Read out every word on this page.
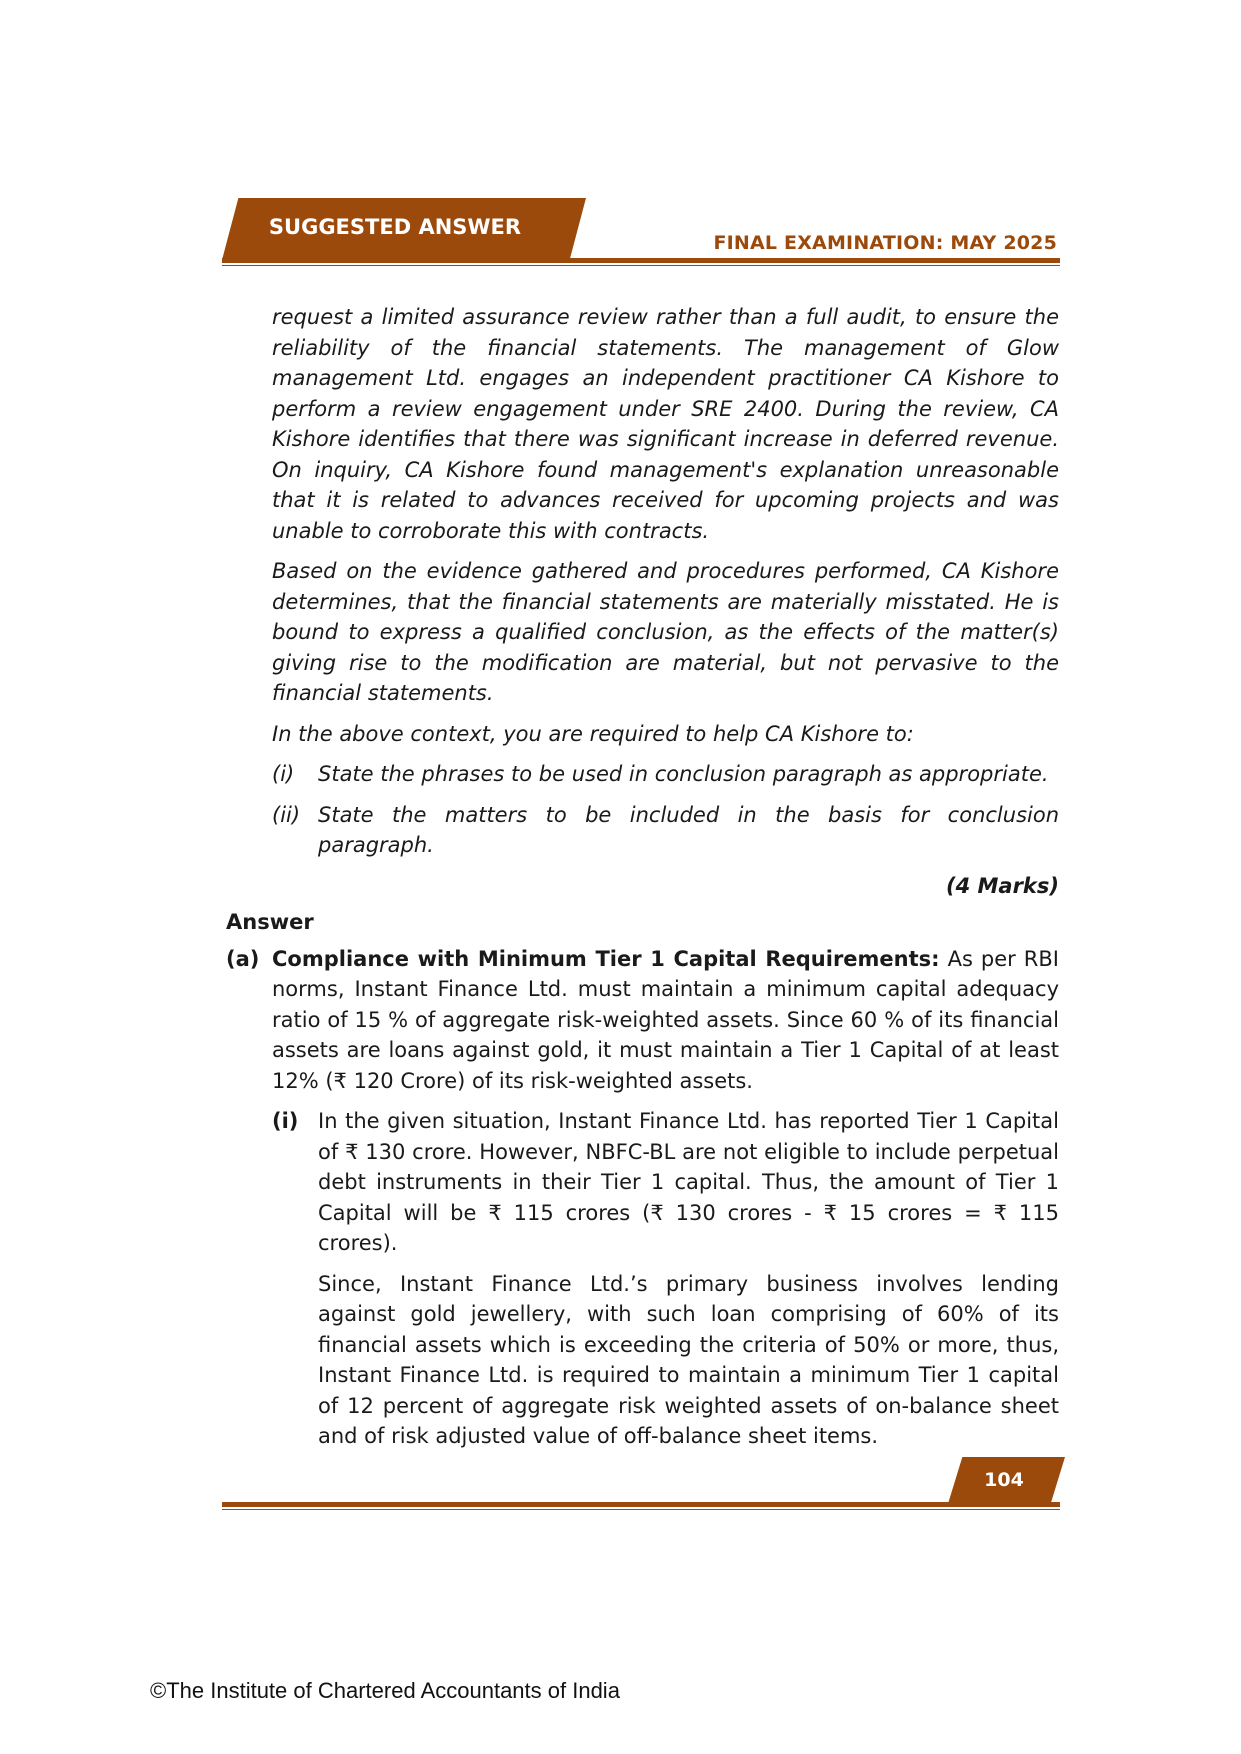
SUGGESTED ANSWER
FINAL EXAMINATION: MAY 2025

request a limited assurance review rather than a full audit, to ensure the reliability of the financial statements. The management of Glow management Ltd. engages an independent practitioner CA Kishore to perform a review engagement under SRE 2400. During the review, CA Kishore identifies that there was significant increase in deferred revenue. On inquiry, CA Kishore found management's explanation unreasonable that it is related to advances received for upcoming projects and was unable to corroborate this with contracts.

Based on the evidence gathered and procedures performed, CA Kishore determines, that the financial statements are materially misstated. He is bound to express a qualified conclusion, as the effects of the matter(s) giving rise to the modification are material, but not pervasive to the financial statements.

In the above context, you are required to help CA Kishore to:

(i)	State the phrases to be used in conclusion paragraph as appropriate.
(ii) State the matters to be included in the basis for conclusion paragraph.
(4 Marks)
Answer
(a) Compliance with Minimum Tier 1 Capital Requirements: As per RBI norms, Instant Finance Ltd. must maintain a minimum capital adequacy ratio of 15 % of aggregate risk-weighted assets. Since 60 % of its financial assets are loans against gold, it must maintain a Tier 1 Capital of at least 12% (₹ 120 Crore) of its risk-weighted assets.

(i) In the given situation, Instant Finance Ltd. has reported Tier 1 Capital of ₹ 130 crore. However, NBFC-BL are not eligible to include perpetual debt instruments in their Tier 1 capital. Thus, the amount of Tier 1 Capital will be ₹ 115 crores (₹ 130 crores - ₹ 15 crores = ₹ 115 crores).

Since, Instant Finance Ltd.’s primary business involves lending against gold jewellery, with such loan comprising of 60% of its financial assets which is exceeding the criteria of 50% or more, thus, Instant Finance Ltd. is required to maintain a minimum Tier 1 capital of 12 percent of aggregate risk weighted assets of on-balance sheet and of risk adjusted value of off-balance sheet items.

104
©The Institute of Chartered Accountants of India
